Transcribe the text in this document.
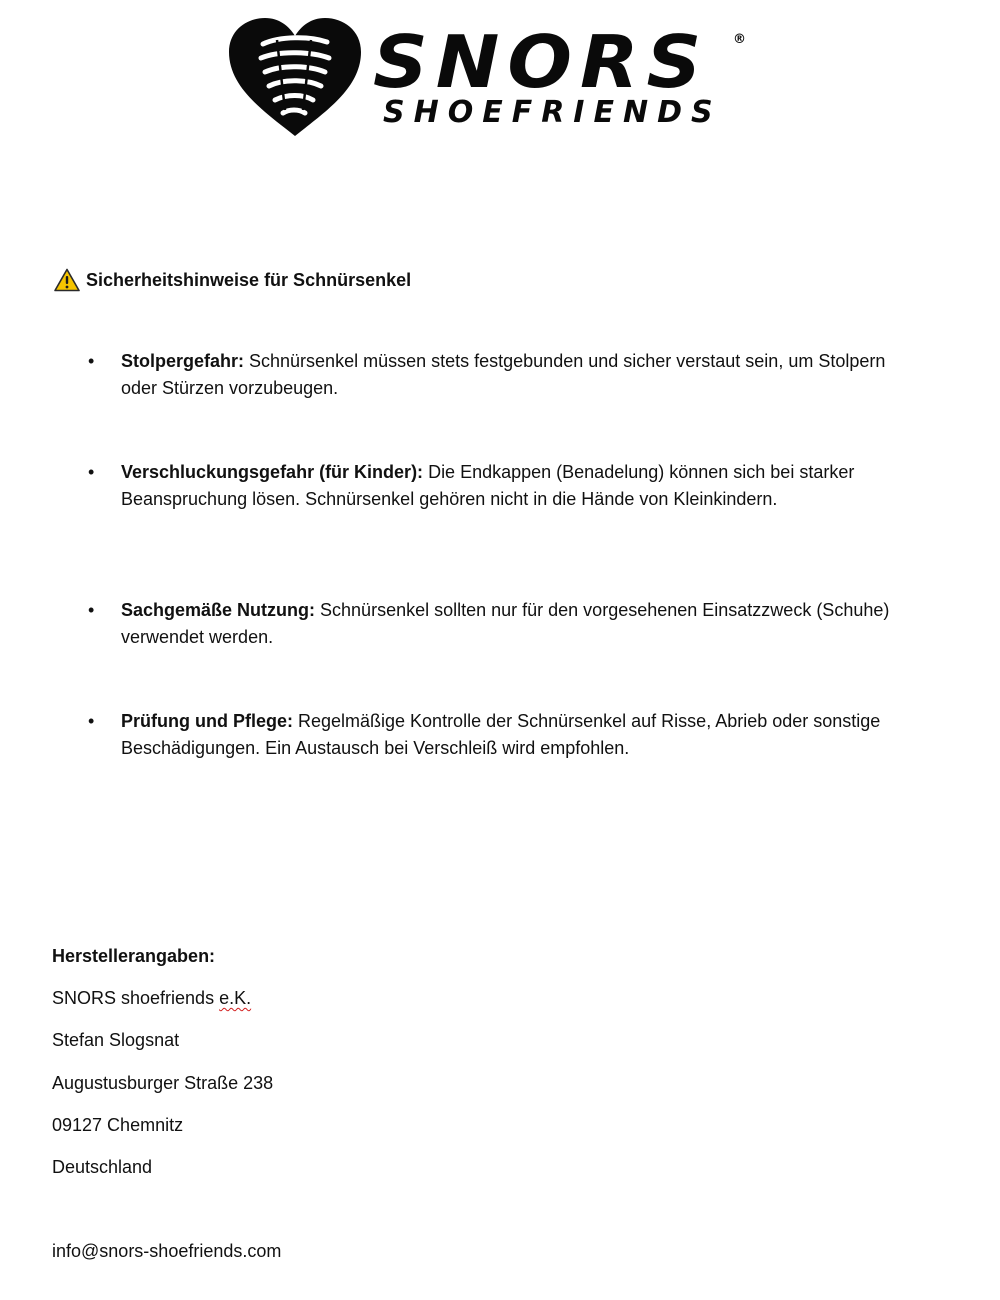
SNORS ®
SHOEFRIENDS
Sicherheitshinweise für Schnürsenkel
• Stolpergefahr: Schnürsenkel müssen stets festgebunden und sicher verstaut sein, um Stolpern oder Stürzen vorzubeugen.
• Verschluckungsgefahr (für Kinder): Die Endkappen (Benadelung) können sich bei starker Beanspruchung lösen. Schnürsenkel gehören nicht in die Hände von Kleinkindern.
• Sachgemäße Nutzung: Schnürsenkel sollten nur für den vorgesehenen Einsatzzweck (Schuhe) verwendet werden.
• Prüfung und Pflege: Regelmäßige Kontrolle der Schnürsenkel auf Risse, Abrieb oder sonstige Beschädigungen. Ein Austausch bei Verschleiß wird empfohlen.
Herstellerangaben:
SNORS shoefriends e.K.
Stefan Slogsnat
Augustusburger Straße 238
09127 Chemnitz
Deutschland
info@snors-shoefriends.com
